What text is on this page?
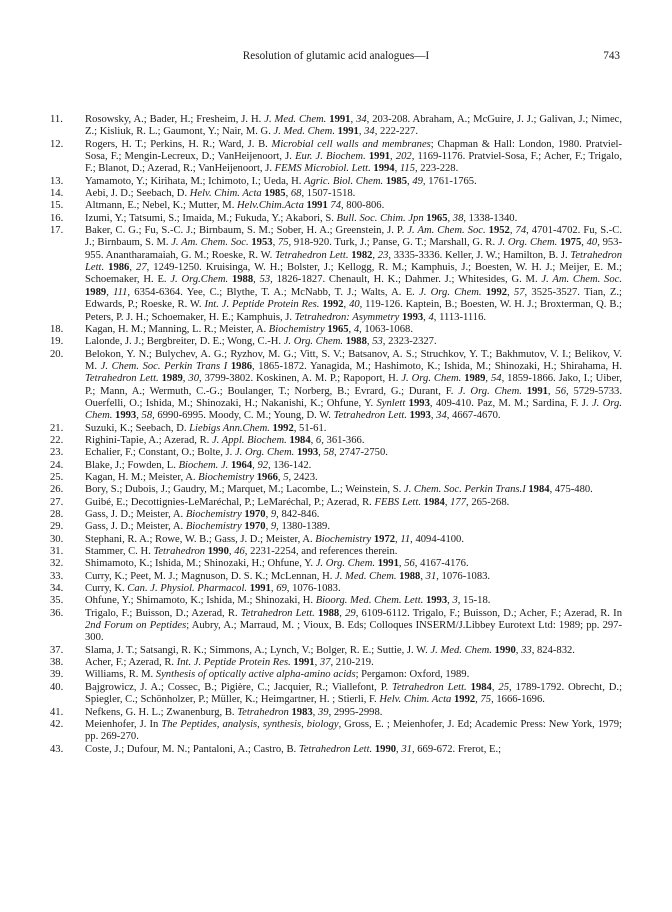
Resolution of glutamic acid analogues—I	743
11.	Rosowsky, A.; Bader, H.; Fresheim, J. H. J. Med. Chem. 1991, 34, 203-208. Abraham, A.; McGuire, J. J.; Galivan, J.; Nimec, Z.; Kisliuk, R. L.; Gaumont, Y.; Nair, M. G. J. Med. Chem. 1991, 34, 222-227.
12.	Rogers, H. T.; Perkins, H. R.; Ward, J. B. Microbial cell walls and membranes; Chapman & Hall: London, 1980. Pratviel-Sosa, F.; Mengin-Lecreux, D.; VanHeijenoort, J. Eur. J. Biochem. 1991, 202, 1169-1176. Pratviel-Sosa, F.; Acher, F.; Trigalo, F.; Blanot, D.; Azerad, R.; VanHeijenoort, J. FEMS Microbiol. Lett. 1994, 115, 223-228.
13.	Yamamoto, Y.; Kirihata, M.; Ichimoto, I.; Ueda, H. Agric. Biol. Chem. 1985, 49, 1761-1765.
14.	Aebi, J. D.; Seebach, D. Helv. Chim. Acta 1985, 68, 1507-1518.
15.	Altmann, E.; Nebel, K.; Mutter, M. Helv.Chim.Acta 1991 74, 800-806.
16.	Izumi, Y.; Tatsumi, S.; Imaida, M.; Fukuda, Y.; Akabori, S. Bull. Soc. Chim. Jpn 1965, 38, 1338-1340.
17.	Baker, C. G.; Fu, S.-C. J.; Birnbaum, S. M.; Sober, H. A.; Greenstein, J. P. J. Am. Chem. Soc. 1952, 74, 4701-4702. Fu, S.-C. J.; Birnbaum, S. M. J. Am. Chem. Soc. 1953, 75, 918-920. Turk, J.; Panse, G. T.; Marshall, G. R. J. Org. Chem. 1975, 40, 953-955. Anantharamaiah, G. M.; Roeske, R. W. Tetrahedron Lett. 1982, 23, 3335-3336. Keller, J. W.; Hamilton, B. J. Tetrahedron Lett. 1986, 27, 1249-1250. Kruisinga, W. H.; Bolster, J.; Kellogg, R. M.; Kamphuis, J.; Boesten, W. H. J.; Meijer, E. M.; Schoemaker, H. E. J. Org.Chem. 1988, 53, 1826-1827. Chenault, H. K.; Dahmer. J.; Whitesides, G. M. J. Am. Chem. Soc. 1989, 111, 6354-6364. Yee, C.; Blythe, T. A.; McNabb, T. J.; Walts, A. E. J. Org. Chem. 1992, 57, 3525-3527. Tian, Z.; Edwards, P.; Roeske, R. W. Int. J. Peptide Protein Res. 1992, 40, 119-126. Kaptein, B.; Boesten, W. H. J.; Broxterman, Q. B.; Peters, P. J. H.; Schoemaker, H. E.; Kamphuis, J. Tetrahedron: Asymmetry 1993, 4, 1113-1116.
18.	Kagan, H. M.; Manning, L. R.; Meister, A. Biochemistry 1965, 4, 1063-1068.
19.	Lalonde, J. J.; Bergbreiter, D. E.; Wong, C.-H. J. Org. Chem. 1988, 53, 2323-2327.
20.	Belokon, Y. N.; Bulychev, A. G.; Ryzhov, M. G.; Vitt, S. V.; Batsanov, A. S.; Struchkov, Y. T.; Bakhmutov, V. I.; Belikov, V. M. J. Chem. Soc. Perkin Trans I 1986, 1865-1872. Yanagida, M.; Hashimoto, K.; Ishida, M.; Shinozaki, H.; Shirahama, H. Tetrahedron Lett. 1989, 30, 3799-3802. Koskinen, A. M. P.; Rapoport, H. J. Org. Chem. 1989, 54, 1859-1866. Jako, I.; Uiber, P.; Mann, A.; Wermuth, C.-G.; Boulanger, T.; Norberg, B.; Evrard, G.; Durant, F. J. Org. Chem. 1991, 56, 5729-5733. Ouerfelli, O.; Ishida, M.; Shinozaki, H.; Nakanishi, K.; Ohfune, Y. Synlett 1993, 409-410. Paz, M. M.; Sardina, F. J. J. Org. Chem. 1993, 58, 6990-6995. Moody, C. M.; Young, D. W. Tetrahedron Lett. 1993, 34, 4667-4670.
21.	Suzuki, K.; Seebach, D. Liebigs Ann.Chem. 1992, 51-61.
22.	Righini-Tapie, A.; Azerad, R. J. Appl. Biochem. 1984, 6, 361-366.
23.	Echalier, F.; Constant, O.; Bolte, J. J. Org. Chem. 1993, 58, 2747-2750.
24.	Blake, J.; Fowden, L. Biochem. J. 1964, 92, 136-142.
25.	Kagan, H. M.; Meister, A. Biochemistry 1966, 5, 2423.
26.	Bory, S.; Dubois, J.; Gaudry, M.; Marquet, M.; Lacombe, L.; Weinstein, S. J. Chem. Soc. Perkin Trans.I 1984, 475-480.
27.	Guibé, E.; Decottignies-LeMaréchal, P.; LeMaréchal, P.; Azerad, R. FEBS Lett. 1984, 177, 265-268.
28.	Gass, J. D.; Meister, A. Biochemistry 1970, 9, 842-846.
29.	Gass, J. D.; Meister, A. Biochemistry 1970, 9, 1380-1389.
30.	Stephani, R. A.; Rowe, W. B.; Gass, J. D.; Meister, A. Biochemistry 1972, 11, 4094-4100.
31.	Stammer, C. H. Tetrahedron 1990, 46, 2231-2254, and references therein.
32.	Shimamoto, K.; Ishida, M.; Shinozaki, H.; Ohfune, Y. J. Org. Chem. 1991, 56, 4167-4176.
33.	Curry, K.; Peet, M. J.; Magnuson, D. S. K.; McLennan, H. J. Med. Chem. 1988, 31, 1076-1083.
34.	Curry, K. Can. J. Physiol. Pharmacol. 1991, 69, 1076-1083.
35.	Ohfune, Y.; Shimamoto, K.; Ishida, M.; Shinozaki, H. Bioorg. Med. Chem. Lett. 1993, 3, 15-18.
36.	Trigalo, F.; Buisson, D.; Azerad, R. Tetrahedron Lett. 1988, 29, 6109-6112. Trigalo, F.; Buisson, D.; Acher, F.; Azerad, R. In 2nd Forum on Peptides; Aubry, A.; Marraud, M. ; Vioux, B. Eds; Colloques INSERM/J.Libbey Eurotext Ltd: 1989; pp. 297-300.
37.	Slama, J. T.; Satsangi, R. K.; Simmons, A.; Lynch, V.; Bolger, R. E.; Suttie, J. W. J. Med. Chem. 1990, 33, 824-832.
38.	Acher, F.; Azerad, R. Int. J. Peptide Protein Res. 1991, 37, 210-219.
39.	Williams, R. M. Synthesis of optically active alpha-amino acids; Pergamon: Oxford, 1989.
40.	Bajgrowicz, J. A.; Cossec, B.; Pigière, C.; Jacquier, R.; Viallefont, P. Tetrahedron Lett. 1984, 25, 1789-1792. Obrecht, D.; Spiegler, C.; Schönholzer, P.; Müller, K.; Heimgartner, H. ; Stierli, F. Helv. Chim. Acta 1992, 75, 1666-1696.
41.	Nefkens, G. H. L.; Zwanenburg, B. Tetrahedron 1983, 39, 2995-2998.
42.	Meienhofer, J. In The Peptides, analysis, synthesis, biology, Gross, E. ; Meienhofer, J. Ed; Academic Press: New York, 1979; pp. 269-270.
43.	Coste, J.; Dufour, M. N.; Pantaloni, A.; Castro, B. Tetrahedron Lett. 1990, 31, 669-672. Frerot, E.;
